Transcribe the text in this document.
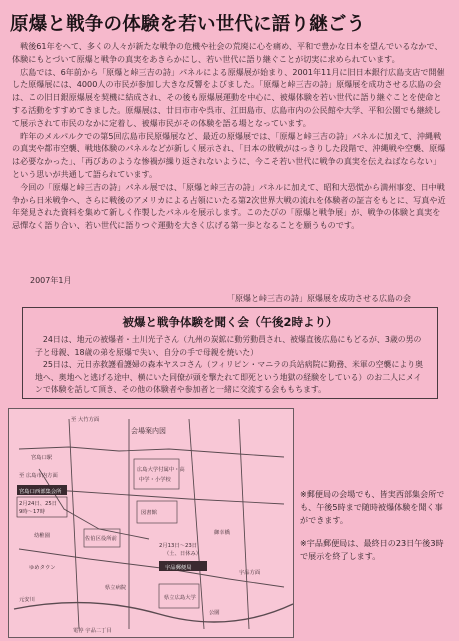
原爆と戦争の体験を若い世代に語り継ごう

戦後61年をへて、多くの人々が新たな戦争の危機や社会の荒廃に心を痛め、平和で豊かな日本を望んでいるなかで、体験にもとづいて原爆と戦争の真実をあきらかにし、若い世代に語り継ぐことが切実に求められています。

広島では、6年前から「原爆と峠三吉の詩」パネルによる原爆展が始まり、2001年11月に旧日本銀行広島支店で開催した原爆展には、4000人の市民が参加し大きな反響をよびました。「原爆と峠三吉の詩」原爆展を成功させる広島の会は、この旧日銀原爆展を契機に結成され、その後も原爆展運動を中心に、被爆体験を若い世代に語り継ぐことを使命とする活動をすすめてきました。原爆展は、廿日市市や呉市、江田島市、広島市内の公民館や大学、平和公園でも継続して展示されて市民のなかに定着し、被爆市民がその体験を語る場となっています。

昨年のメルパルクでの第5回広島市民原爆展など、最近の原爆展では、「原爆と峠三吉の詩」パネルに加えて、沖縄戦の真実や都市空襲、戦地体験のパネルなどが新しく展示され、「日本の敗戦がはっきりした段階で、沖縄戦や空襲、原爆は必要なかった」、「再びあのような惨禍が繰り返されないように、今こそ若い世代に戦争の真実を伝えねばならない」という思いが共通して語られています。

今回の「原爆と峠三吉の詩」パネル展では、「原爆と峠三吉の詩」パネルに加えて、昭和大恐慌から満州事変、日中戦争から日米戦争へ、さらに戦後のアメリカによる占領にいたる第2次世界大戦の流れを体験者の証言をもとに、写真や近年発見された資料を集めて新しく作製したパネルを展示します。このたびの「原爆と戦争展」が、戦争の体験と真実を忌憚なく語り合い、若い世代に語りつぐ運動を大きく広げる第一歩となることを願うものです。

2007年1月
「原爆と峠三吉の詩」原爆展を成功させる広島の会
被爆と戦争体験を聞く会（午後2時より）

24日は、地元の被爆者・土川光子さん（九州の炭鉱に動労動員され、被爆直後広島にもどるが、3歳の男の子と母親、18歳の弟を原爆で失い、自分の手で母親を焼いた）

25日は、元日赤救護看護婦の森本ヤスコさん（フィリピン・マニラの兵站病院に勤務、米軍の空襲により奥地へ、奥地へと逃げる途中、横にいた同僚が頭を撃たれて即死という地獄の経験をしている）のお二人にメインで体験を話して頂き、その他の体験者や参加者と一緒に交流する会ももちます。

宮島口西部集会所
宇品郵便局
会場案内図
至 大竹方面
宮島口駅
至 広島市内方面
2月24日、25日
9時〜17時
広島大学付属中・高
中学・小学校
図書館
佐伯区役所前
幼稚園
ゆめタウン
2月13日〜23日
（土、日休み）
県立広島大学
御幸橋
宇品方面
県立病院
公園
元安川
電停 宇品二丁目

※郵便局の会場でも、皆実西部集会所でも、午後5時まで随時被爆体験を聞く事ができます。

※宇品郵便局は、最終日の23日午後3時で展示を終了します。
